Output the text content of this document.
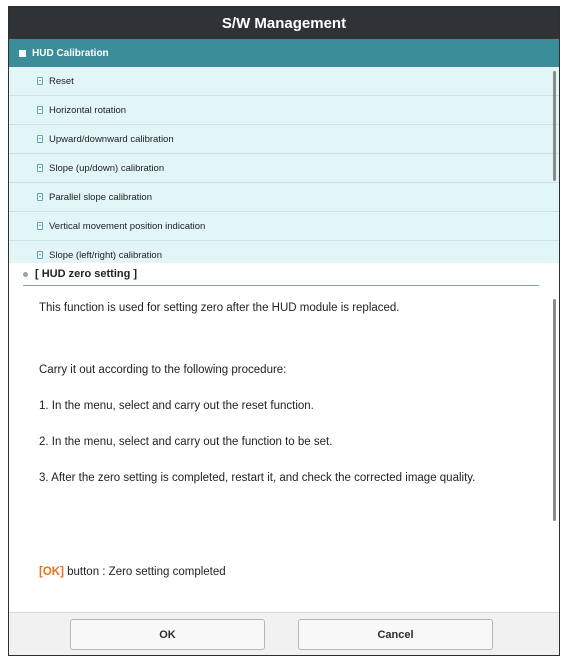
S/W Management
HUD Calibration
Reset
Horizontal rotation
Upward/downward calibration
Slope (up/down) calibration
Parallel slope calibration
Vertical movement position indication
Slope (left/right) calibration
[ HUD zero setting ]
This function is used for setting zero after the HUD module is replaced.
Carry it out according to the following procedure:
1. In the menu, select and carry out the reset function.
2. In the menu, select and carry out the function to be set.
3. After the zero setting is completed, restart it, and check the corrected image quality.
[OK] button : Zero setting completed
OK	Cancel
